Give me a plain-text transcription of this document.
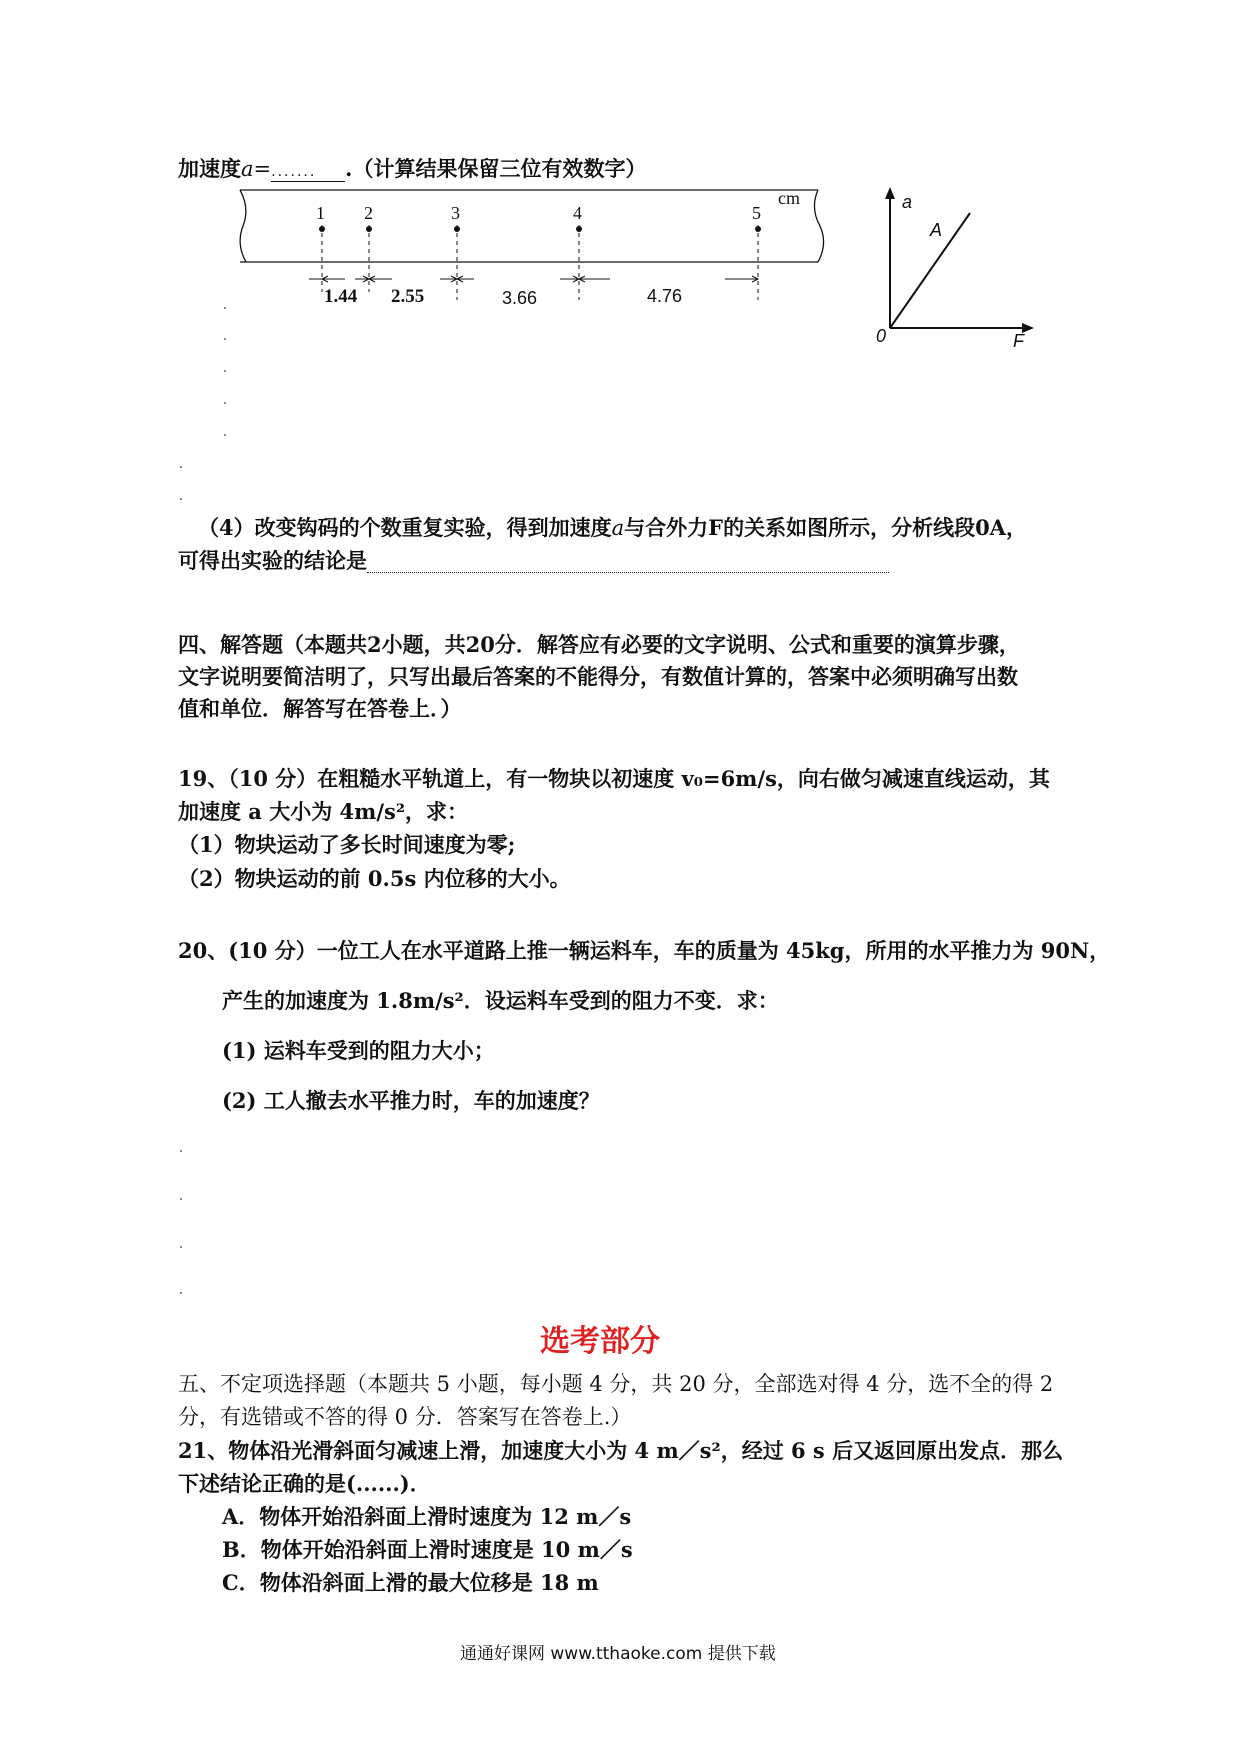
加速度a=....... .（计算结果保留三位有效数字）
1 2	3	4	5
cm
1.44 2.55	3.66	4.76
a
A
0	F
（4）改变钩码的个数重复实验，得到加速度a与合外力F的关系如图所示，分析线段0A，
可得出实验的结论是
四、解答题（本题共2小题，共20分．解答应有必要的文字说明、公式和重要的演算步骤，
文字说明要简洁明了，只写出最后答案的不能得分，有数值计算的，答案中必须明确写出数
值和单位．解答写在答卷上．）
19、（10 分）在粗糙水平轨道上，有一物块以初速度 v₀=6m/s，向右做匀减速直线运动，其
加速度 a 大小为 4m/s²，求：
（1）物块运动了多长时间速度为零;
（2）物块运动的前 0.5s 内位移的大小。
20、(10 分）一位工人在水平道路上推一辆运料车，车的质量为 45kg，所用的水平推力为 90N，
产生的加速度为 1.8m/s²．设运料车受到的阻力不变．求：
(1) 运料车受到的阻力大小；
(2) 工人撤去水平推力时，车的加速度？
选考部分
五、不定项选择题（本题共 5 小题，每小题 4 分，共 20 分，全部选对得 4 分，选不全的得 2
分，有选错或不答的得 0 分．答案写在答卷上.）
21、物体沿光滑斜面匀减速上滑，加速度大小为 4 m／s²，经过 6 s 后又返回原出发点．那么
下述结论正确的是(......)．
A．物体开始沿斜面上滑时速度为 12 m／s
B．物体开始沿斜面上滑时速度是 10 m／s
C．物体沿斜面上滑的最大位移是 18 m
通通好课网 www.tthaoke.com 提供下载
